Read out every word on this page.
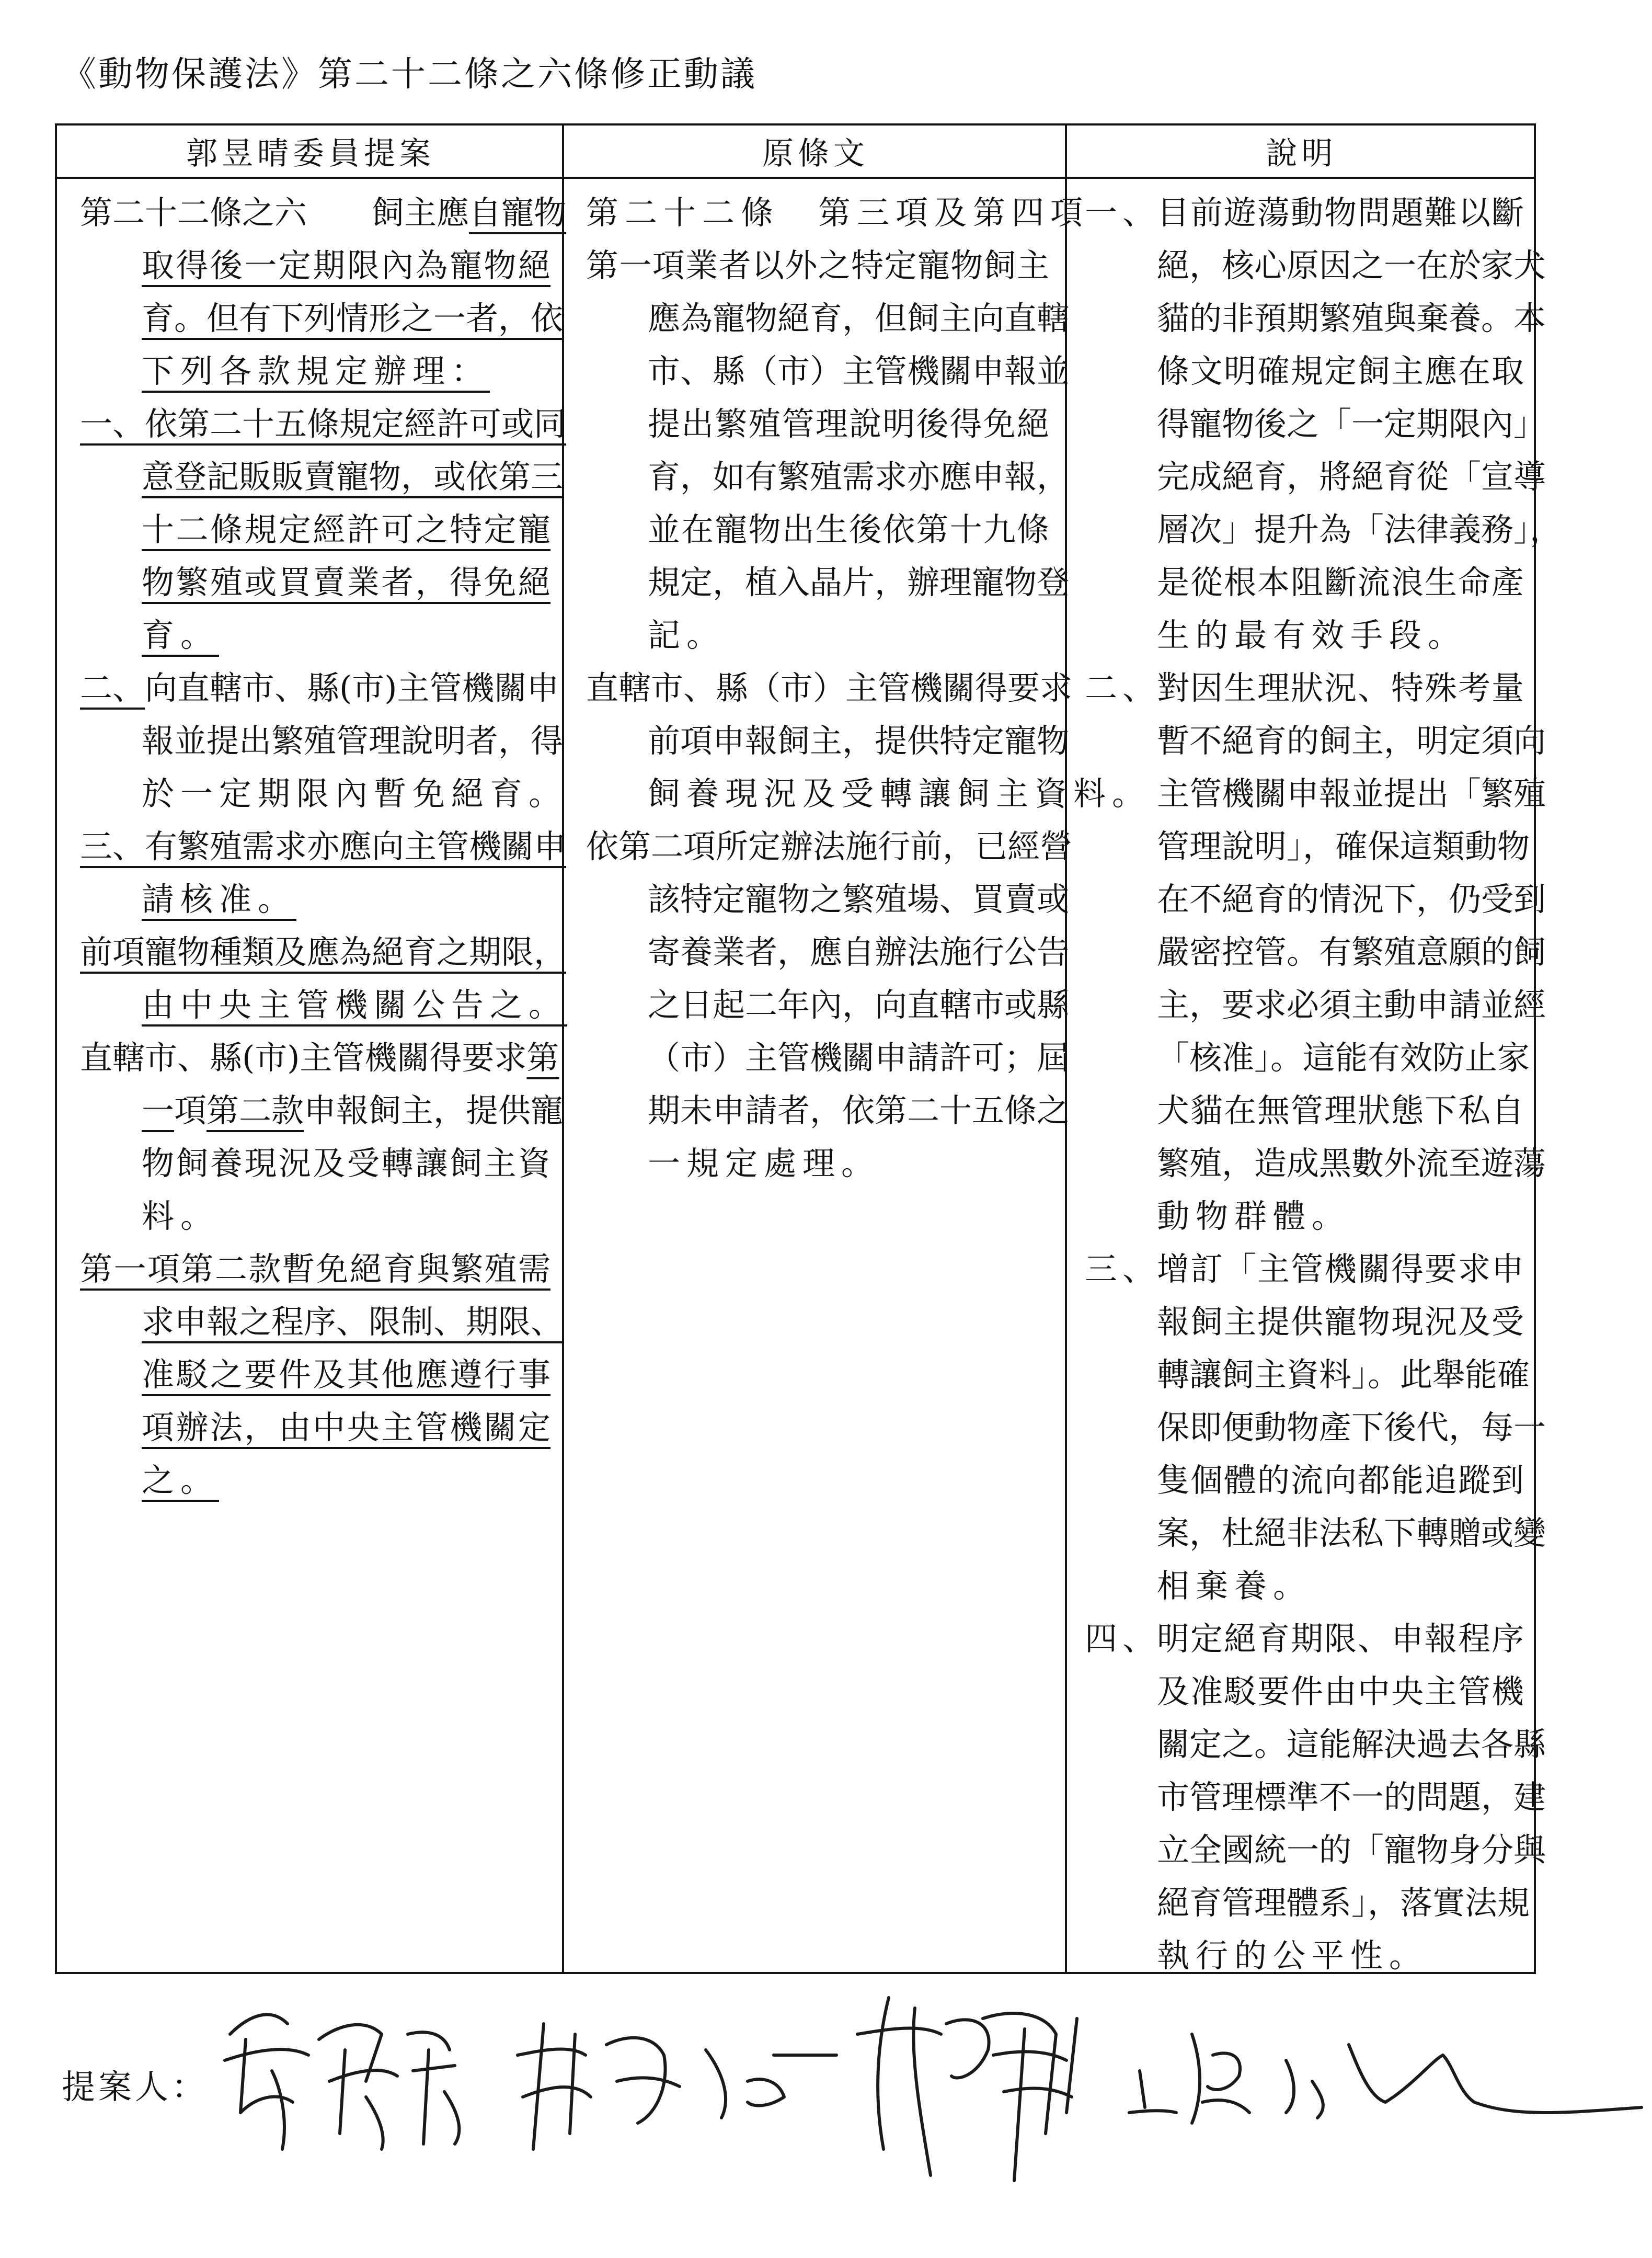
《動物保護法》第二十二條之六條修正動議
郭昱晴委員提案	原條文	說明
第二十二條之六　　飼主應自寵物
取得後一定期限內為寵物絕
育。但有下列情形之一者，依
下列各款規定辦理：
一、依第二十五條規定經許可或同
意登記販販賣寵物，或依第三
十二條規定經許可之特定寵
物繁殖或買賣業者，得免絕
育。
二、向直轄市、縣(市)主管機關申
報並提出繁殖管理說明者，得
於一定期限內暫免絕育。
三、有繁殖需求亦應向主管機關申
請核准。
前項寵物種類及應為絕育之期限，
由中央主管機關公告之。
直轄市、縣(市)主管機關得要求第
一項第二款申報飼主，提供寵
物飼養現況及受轉讓飼主資
料。
第一項第二款暫免絕育與繁殖需
求申報之程序、限制、期限、
准駁之要件及其他應遵行事
項辦法，由中央主管機關定
之。
第二十二條　第三項及第四項
第一項業者以外之特定寵物飼主
應為寵物絕育，但飼主向直轄
市、縣（市）主管機關申報並
提出繁殖管理說明後得免絕
育，如有繁殖需求亦應申報，
並在寵物出生後依第十九條
規定，植入晶片，辦理寵物登
記。
直轄市、縣（市）主管機關得要求
前項申報飼主，提供特定寵物
飼養現況及受轉讓飼主資料。
依第二項所定辦法施行前，已經營
該特定寵物之繁殖場、買賣或
寄養業者，應自辦法施行公告
之日起二年內，向直轄市或縣
（市）主管機關申請許可；屆
期未申請者，依第二十五條之
一規定處理。
一、
目前遊蕩動物問題難以斷
絕，核心原因之一在於家犬
貓的非預期繁殖與棄養。本
條文明確規定飼主應在取
得寵物後之「一定期限內」
完成絕育，將絕育從「宣導
層次」提升為「法律義務」，
是從根本阻斷流浪生命產
生的最有效手段。
二、
對因生理狀況、特殊考量
暫不絕育的飼主，明定須向
主管機關申報並提出「繁殖
管理說明」，確保這類動物
在不絕育的情況下，仍受到
嚴密控管。有繁殖意願的飼
主，要求必須主動申請並經
「核准」。這能有效防止家
犬貓在無管理狀態下私自
繁殖，造成黑數外流至遊蕩
動物群體。
三、
增訂「主管機關得要求申
報飼主提供寵物現況及受
轉讓飼主資料」。此舉能確
保即便動物產下後代，每一
隻個體的流向都能追蹤到
案，杜絕非法私下轉贈或變
相棄養。
四、
明定絕育期限、申報程序
及准駁要件由中央主管機
關定之。這能解決過去各縣
市管理標準不一的問題，建
立全國統一的「寵物身分與
絕育管理體系」，落實法規
執行的公平性。
提案人：
